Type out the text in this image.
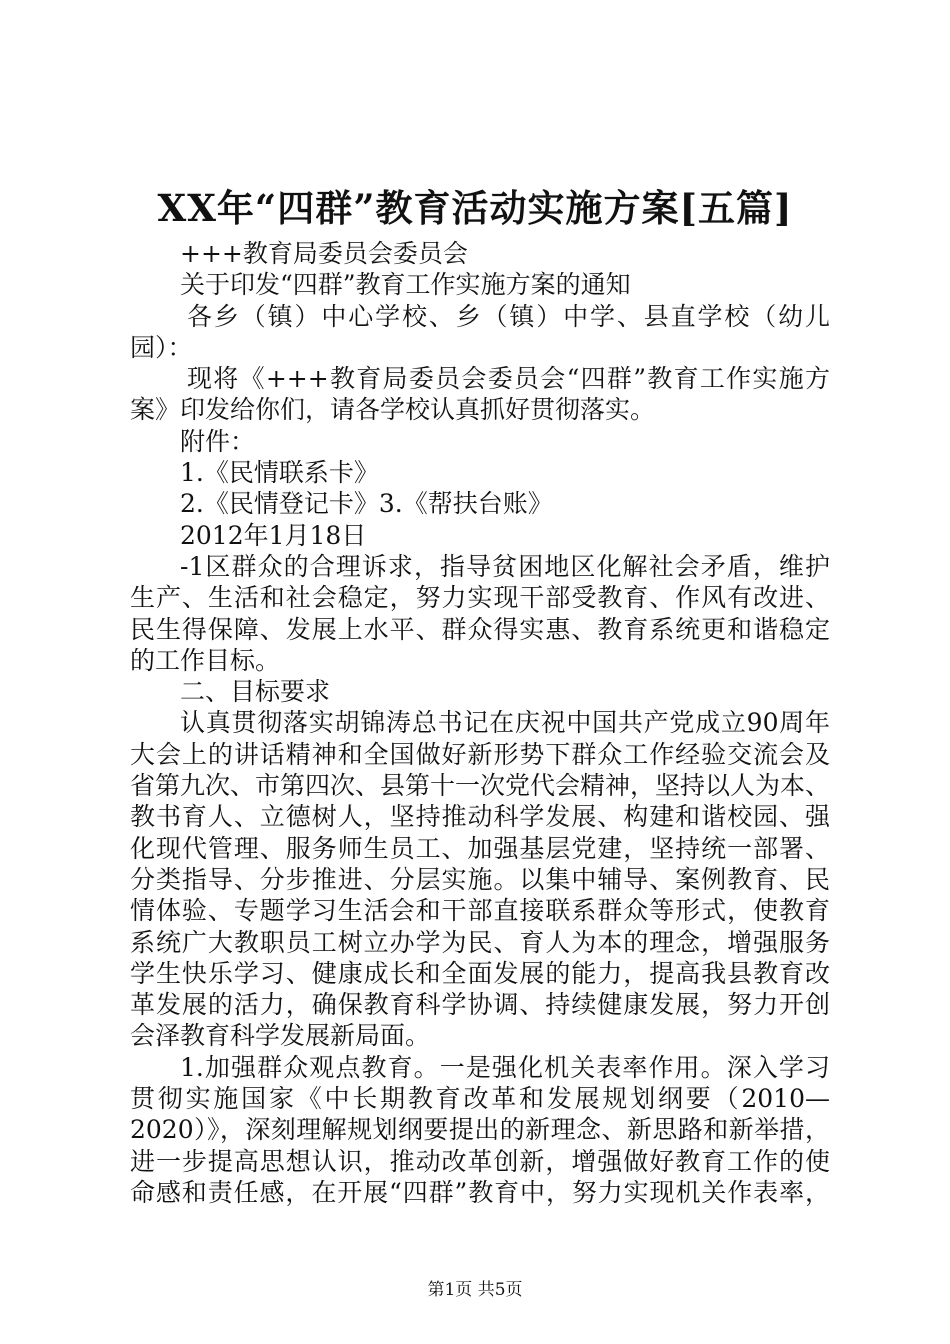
XX年“四群”教育活动实施方案[五篇]
+++教育局委员会委员会
关于印发“四群”教育工作实施方案的通知
各乡（镇）中心学校、乡（镇）中学、县直学校（幼儿
园）：
现将《+++教育局委员会委员会“四群”教育工作实施方
案》印发给你们，请各学校认真抓好贯彻落实。
附件：
1.《民情联系卡》
2.《民情登记卡》3.《帮扶台账》
2012年1月18日
-1区群众的合理诉求，指导贫困地区化解社会矛盾，维护
生产、生活和社会稳定，努力实现干部受教育、作风有改进、
民生得保障、发展上水平、群众得实惠、教育系统更和谐稳定
的工作目标。
二、目标要求
认真贯彻落实胡锦涛总书记在庆祝中国共产党成立90周年
大会上的讲话精神和全国做好新形势下群众工作经验交流会及
省第九次、市第四次、县第十一次党代会精神，坚持以人为本、
教书育人、立德树人，坚持推动科学发展、构建和谐校园、强
化现代管理、服务师生员工、加强基层党建，坚持统一部署、
分类指导、分步推进、分层实施。以集中辅导、案例教育、民
情体验、专题学习生活会和干部直接联系群众等形式，使教育
系统广大教职员工树立办学为民、育人为本的理念，增强服务
学生快乐学习、健康成长和全面发展的能力，提高我县教育改
革发展的活力，确保教育科学协调、持续健康发展，努力开创
会泽教育科学发展新局面。
1.加强群众观点教育。一是强化机关表率作用。深入学习
贯彻实施国家《中长期教育改革和发展规划纲要（2010—
2020）》，深刻理解规划纲要提出的新理念、新思路和新举措，
进一步提高思想认识，推动改革创新，增强做好教育工作的使
命感和责任感，在开展“四群”教育中，努力实现机关作表率，
第1页 共5页
